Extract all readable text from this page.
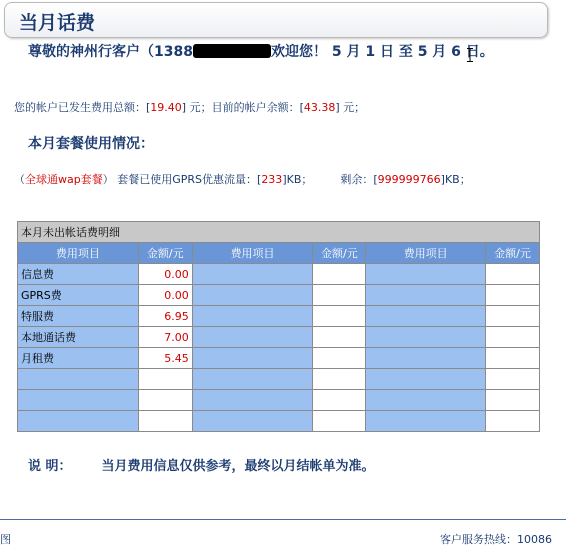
当月话费
尊敬的神州行客户（1388	欢迎您！ 5 月 1 日 至 5 月 6 日。
您的帐户已发生费用总额：[19.40] 元；目前的帐户余额：[43.38] 元；
本月套餐使用情况：
（全球通wap套餐） 套餐已使用GPRS优惠流量：[233]KB；	剩余：[999999766]KB；
本月未出帐话费明细					
费用项目	金额/元	费用项目	金额/元	费用项目	金额/元
信息费	0.00				
GPRS费	0.00				
特服费	6.95				
本地通话费	7.00				
月租费	5.45				

说 明： 当月费用信息仅供参考，最终以月结帐单为准。
图	客户服务热线：10086
